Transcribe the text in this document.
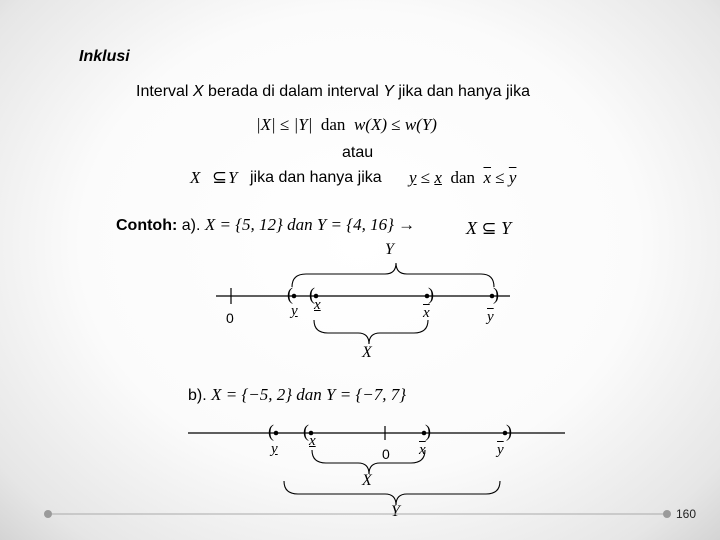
Inklusi
Interval X berada di dalam interval Y jika dan hanya jika
|X| ≤ |Y| dan w(X) ≤ w(Y)
atau
X ⊆ Y jika dan hanya jika y ≤ x dan $\overline{x} \le \overline{y}$
Contoh: a). X = {5, 12} dan Y = {4, 16} →	X ⊆ Y
( (	)	)
Y
X
0	y x	$\overline{x}$	$\overline{y}$
b). X = {−5, 2} dan Y = {−7, 7}
( (	)	)
X
Y
0
y x
$\overline{x}$	$\overline{y}$
160
